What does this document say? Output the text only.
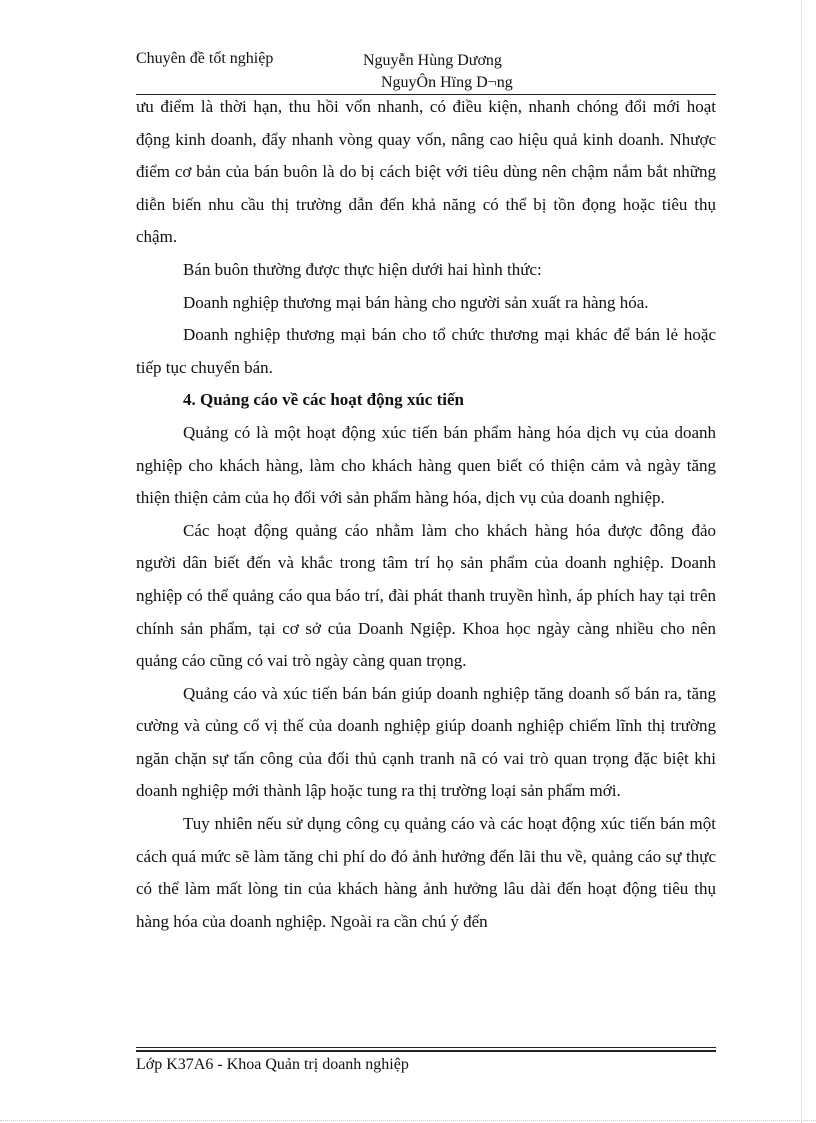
Chuyên đề tốt nghiệp	Nguyễn Hùng Dương
NguyÔn Hïng D¬ng

ưu điểm là thời hạn, thu hồi vốn nhanh, có điều kiện, nhanh chóng đổi mới hoạt động kinh doanh, đẩy nhanh vòng quay vốn, nâng cao hiệu quả kinh doanh. Nhược điểm cơ bản của bán buôn là do bị cách biệt với tiêu dùng nên chậm nắm bắt những diễn biến nhu cầu thị trường dẫn đến khả năng có thể bị tồn đọng hoặc tiêu thụ chậm.

Bán buôn thường được thực hiện dưới hai hình thức:

Doanh nghiệp thương mại bán hàng cho người sản xuất ra hàng hóa.

Doanh nghiệp thương mại bán cho tổ chức thương mại khác để bán lẻ hoặc tiếp tục chuyển bán.

4. Quảng cáo về các hoạt động xúc tiến

Quảng có là một hoạt động xúc tiến bán phẩm hàng hóa dịch vụ của doanh nghiệp cho khách hàng, làm cho khách hàng quen biết có thiện cảm và ngày tăng thiện thiện cảm của họ đối với sản phẩm hàng hóa, dịch vụ của doanh nghiệp.

Các hoạt động quảng cáo nhằm làm cho khách hàng hóa được đông đảo người dân biết đến và khắc trong tâm trí họ sản phẩm của doanh nghiệp. Doanh nghiệp có thể quảng cáo qua báo trí, đài phát thanh truyền hình, áp phích hay tại trên chính sản phẩm, tại cơ sở của Doanh Ngiệp. Khoa học ngày càng nhiều cho nên quảng cáo cũng có vai trò ngày càng quan trọng.

Quảng cáo và xúc tiến bán bán giúp doanh nghiệp tăng doanh số bán ra, tăng cường và củng cố vị thế của doanh nghiệp giúp doanh nghiệp chiếm lĩnh thị trường ngăn chặn sự tấn công của đối thủ cạnh tranh nã có vai trò quan trọng đặc biệt khi doanh nghiệp mới thành lập hoặc tung ra thị trường loại sản phẩm mới.

Tuy nhiên nếu sử dụng công cụ quảng cáo và các hoạt động xúc tiến bán một cách quá mức sẽ làm tăng chi phí do đó ảnh hưởng đến lãi thu về, quảng cáo sự thực có thể làm mất lòng tin của khách hàng ảnh hưởng lâu dài đến hoạt động tiêu thụ hàng hóa của doanh nghiệp. Ngoài ra cần chú ý đến

Lớp K37A6 - Khoa Quản trị doanh nghiệp
